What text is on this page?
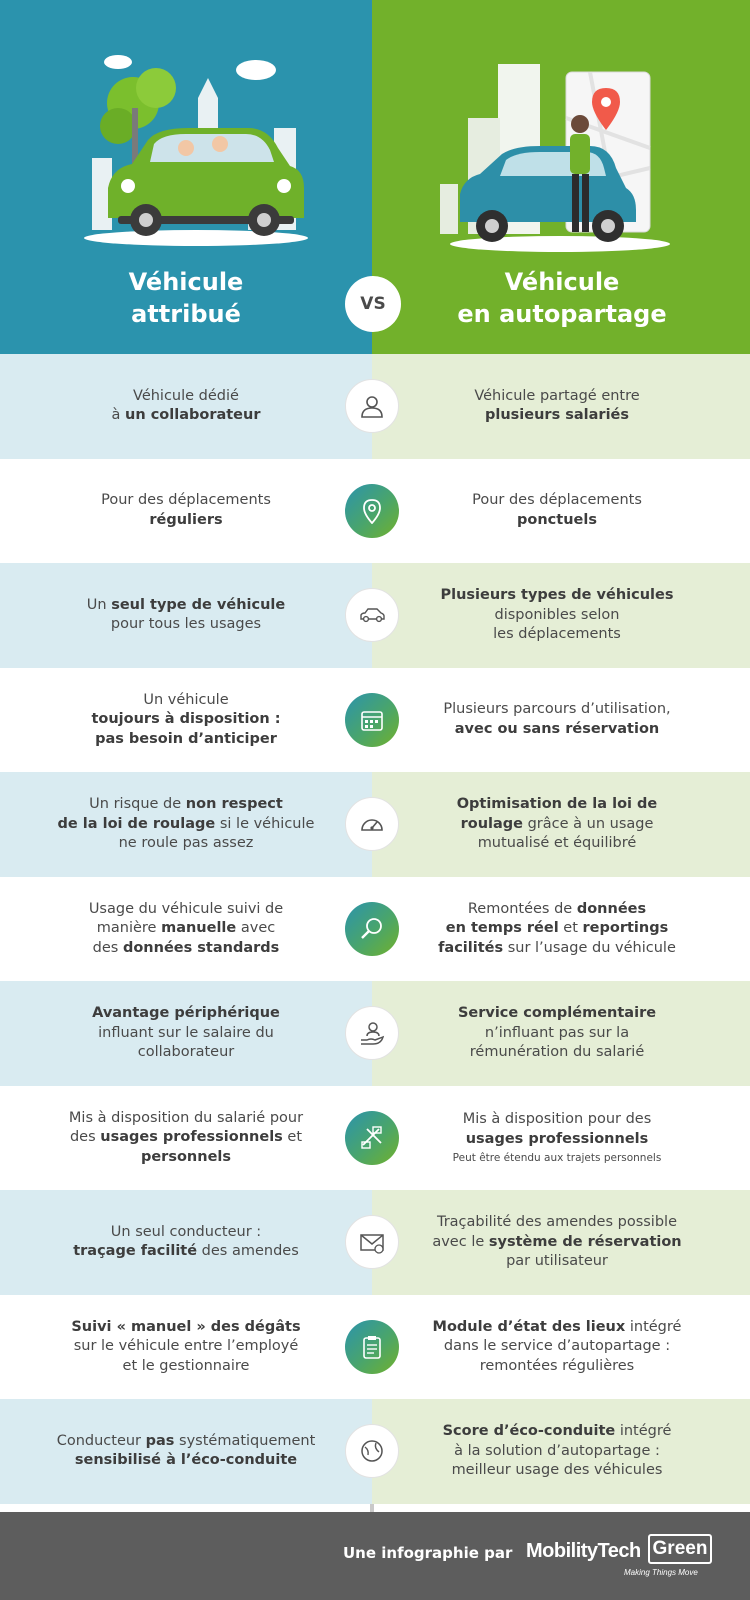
Véhicule
attribué
Véhicule
en autopartage
VS
Véhicule dédié
à un collaborateur
Véhicule partagé entre
plusieurs salariés
Pour des déplacements
réguliers
Pour des déplacements
ponctuels
Un seul type de véhicule
pour tous les usages
Plusieurs types de véhicules
disponibles selon
les déplacements
Un véhicule
toujours à disposition :
pas besoin d’anticiper
Plusieurs parcours d’utilisation,
avec ou sans réservation
Un risque de non respect
de la loi de roulage si le véhicule
ne roule pas assez
Optimisation de la loi de
roulage grâce à un usage
mutualisé et équilibré
Usage du véhicule suivi de
manière manuelle avec
des données standards
Remontées de données
en temps réel et reportings
facilités sur l’usage du véhicule
Avantage périphérique
influant sur le salaire du
collaborateur
Service complémentaire
n’influant pas sur la
rémunération du salarié
Mis à disposition du salarié pour
des usages professionnels et
personnels
Mis à disposition pour des
usages professionnels
Peut être étendu aux trajets personnels
Un seul conducteur :
traçage facilité des amendes
Traçabilité des amendes possible
avec le système de réservation
par utilisateur
Suivi « manuel » des dégâts
sur le véhicule entre l’employé
et le gestionnaire
Module d’état des lieux intégré
dans le service d’autopartage :
remontées régulières
Conducteur pas systématiquement
sensibilisé à l’éco-conduite
Score d’éco-conduite intégré
à la solution d’autopartage :
meilleur usage des véhicules
Une infographie par MobilityTech Green
Making Things Move
